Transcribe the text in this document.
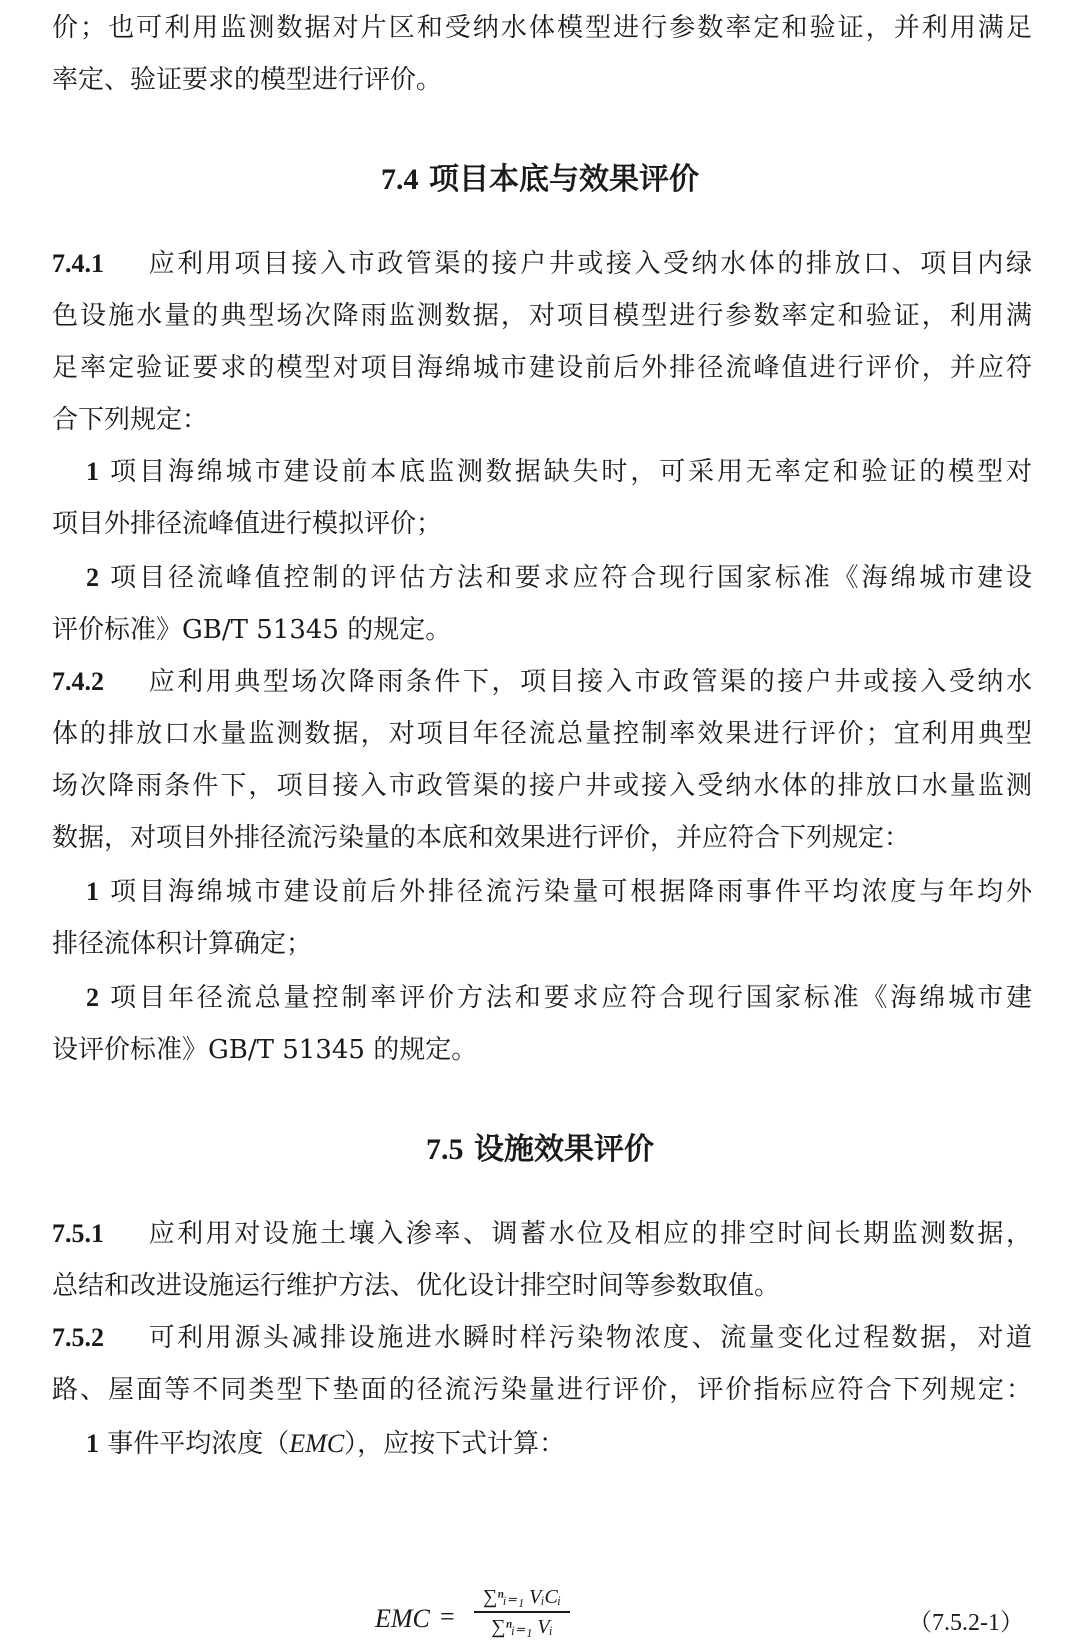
价；也可利用监测数据对片区和受纳水体模型进行参数率定和验证，并利用满足
率定、验证要求的模型进行评价。
7.4 项目本底与效果评价
7.4.1 应利用项目接入市政管渠的接户井或接入受纳水体的排放口、项目内绿
色设施水量的典型场次降雨监测数据，对项目模型进行参数率定和验证，利用满
足率定验证要求的模型对项目海绵城市建设前后外排径流峰值进行评价，并应符
合下列规定：
1 项目海绵城市建设前本底监测数据缺失时，可采用无率定和验证的模型对
项目外排径流峰值进行模拟评价；
2 项目径流峰值控制的评估方法和要求应符合现行国家标准《海绵城市建设
评价标准》GB/T 51345 的规定。
7.4.2 应利用典型场次降雨条件下，项目接入市政管渠的接户井或接入受纳水
体的排放口水量监测数据，对项目年径流总量控制率效果进行评价；宜利用典型
场次降雨条件下，项目接入市政管渠的接户井或接入受纳水体的排放口水量监测
数据，对项目外排径流污染量的本底和效果进行评价，并应符合下列规定：
1 项目海绵城市建设前后外排径流污染量可根据降雨事件平均浓度与年均外
排径流体积计算确定；
2 项目年径流总量控制率评价方法和要求应符合现行国家标准《海绵城市建
设评价标准》GB/T 51345 的规定。
7.5 设施效果评价
7.5.1 应利用对设施土壤入渗率、调蓄水位及相应的排空时间长期监测数据，
总结和改进设施运行维护方法、优化设计排空时间等参数取值。
7.5.2 可利用源头减排设施进水瞬时样污染物浓度、流量变化过程数据，对道
路、屋面等不同类型下垫面的径流污染量进行评价，评价指标应符合下列规定：
1 事件平均浓度（EMC），应按下式计算：
EMC =
∑ⁿᵢ₌₁ VᵢCᵢ
∑ⁿᵢ₌₁ Vᵢ	（7.5.2-1）
